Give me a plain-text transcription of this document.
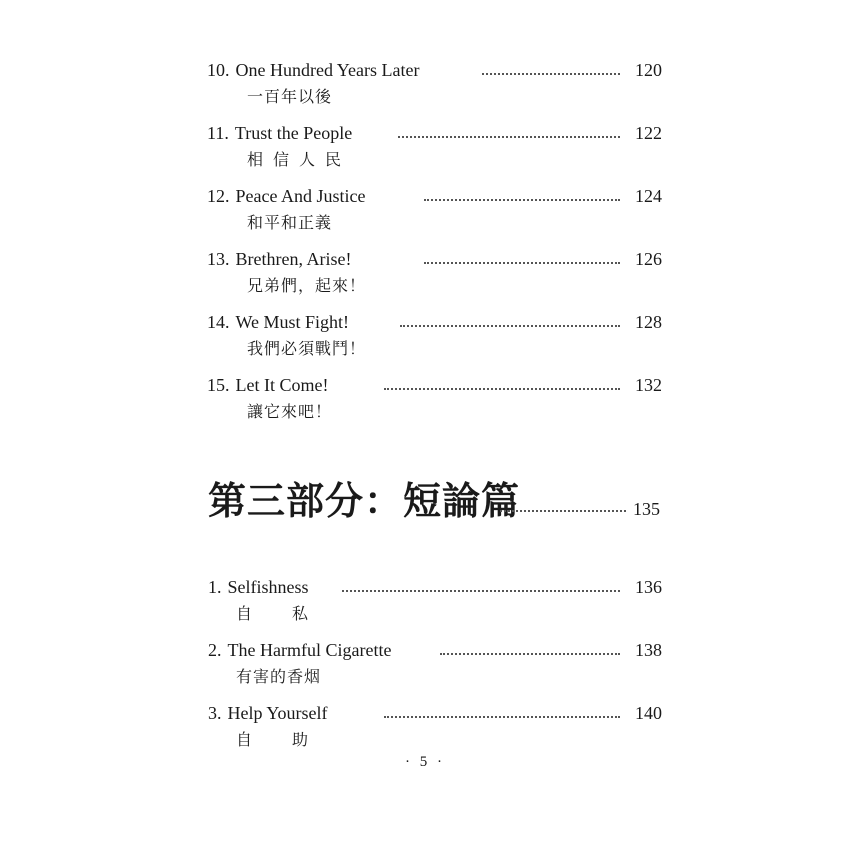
10. One Hundred Years Later	120
一百年以後
11. Trust the People	122
相信人民
12. Peace And Justice	124
和平和正義
13. Brethren, Arise!	126
兄弟們，起來！
14. We Must Fight!	128
我們必須戰鬥！
15. Let It Come!	132
讓它來吧！
第三部分：短論篇	135
1. Selfishness	136
自私
2. The Harmful Cigarette	138
有害的香烟
3. Help Yourself	140
自助
· 5 ·
